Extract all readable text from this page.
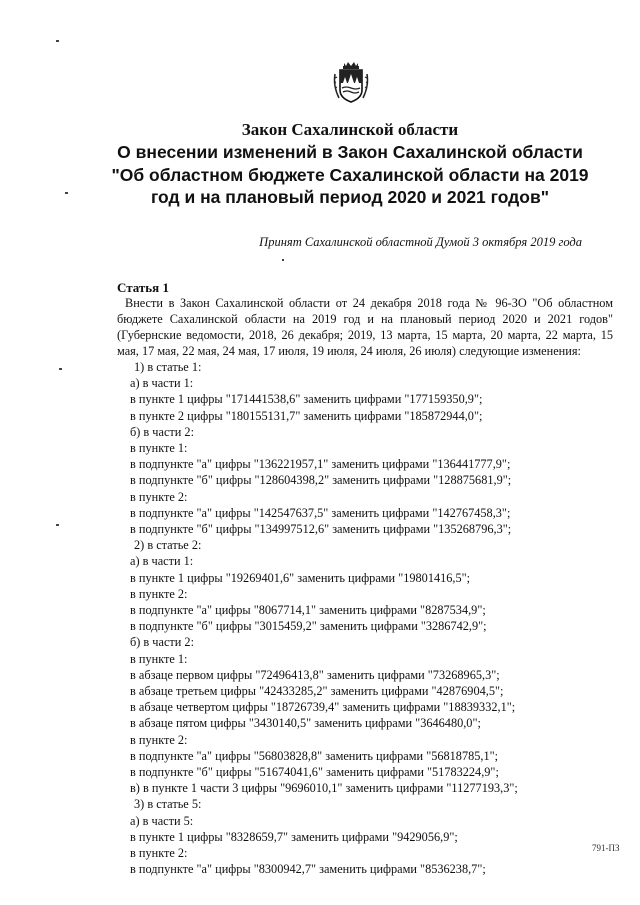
Закон Сахалинской области

О внесении изменений в Закон Сахалинской области "Об областном бюджете Сахалинской области на 2019 год и на плановый период 2020 и 2021 годов"

Принят Сахалинской областной Думой 3 октября 2019 года
Статья 1
Внести в Закон Сахалинской области от 24 декабря 2018 года № 96-ЗО "Об областном бюджете Сахалинской области на 2019 год и на плановый период 2020 и 2021 годов" (Губернские ведомости, 2018, 26 декабря; 2019, 13 марта, 15 марта, 20 марта, 22 марта, 15 мая, 17 мая, 22 мая, 24 мая, 17 июля, 19 июля, 24 июля, 26 июля) следующие изменения:
1) в статье 1:
а) в части 1:
в пункте 1 цифры "171441538,6" заменить цифрами "177159350,9";
в пункте 2 цифры "180155131,7" заменить цифрами "185872944,0";
б) в части 2:
в пункте 1:
в подпункте "а" цифры "136221957,1" заменить цифрами "136441777,9";
в подпункте "б" цифры "128604398,2" заменить цифрами "128875681,9";
в пункте 2:
в подпункте "а" цифры "142547637,5" заменить цифрами "142767458,3";
в подпункте "б" цифры "134997512,6" заменить цифрами "135268796,3";
2) в статье 2:
а) в части 1:
в пункте 1 цифры "19269401,6" заменить цифрами "19801416,5";
в пункте 2:
в подпункте "а" цифры "8067714,1" заменить цифрами "8287534,9";
в подпункте "б" цифры "3015459,2" заменить цифрами "3286742,9";
б) в части 2:
в пункте 1:
в абзаце первом цифры "72496413,8" заменить цифрами "73268965,3";
в абзаце третьем цифры "42433285,2" заменить цифрами "42876904,5";
в абзаце четвертом цифры "18726739,4" заменить цифрами "18839332,1";
в абзаце пятом цифры "3430140,5" заменить цифрами "3646480,0";
в пункте 2:
в подпункте "а" цифры "56803828,8" заменить цифрами "56818785,1";
в подпункте "б" цифры "51674041,6" заменить цифрами "51783224,9";
в) в пункте 1 части 3 цифры "9696010,1" заменить цифрами "11277193,3";
3) в статье 5:
а) в части 5:
в пункте 1 цифры "8328659,7" заменить цифрами "9429056,9";
в пункте 2:
в подпункте "а" цифры "8300942,7" заменить цифрами "8536238,7";
791-ПЗ
